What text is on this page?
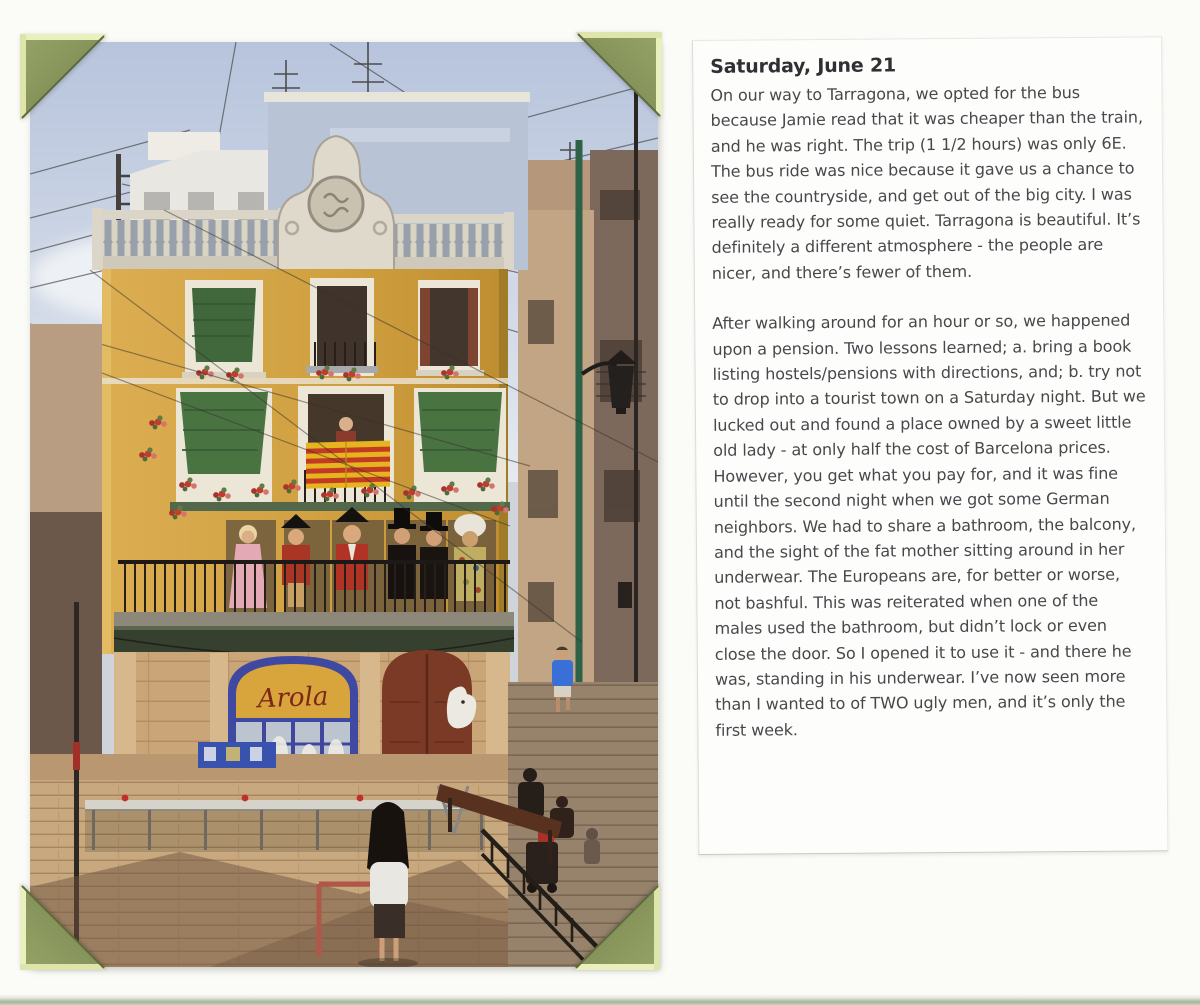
Arola
Saturday, June 21

On our way to Tarragona, we opted for the bus because Jamie read that it was cheaper than the train, and he was right. The trip (1 1/2 hours) was only 6E. The bus ride was nice because it gave us a chance to see the countryside, and get out of the big city. I was really ready for some quiet. Tarragona is beautiful. It’s definitely a different atmosphere - the people are nicer, and there’s fewer of them.

After walking around for an hour or so, we happened upon a pension. Two lessons learned; a. bring a book listing hostels/pensions with directions, and; b. try not to drop into a tourist town on a Saturday night. But we lucked out and found a place owned by a sweet little old lady - at only half the cost of Barcelona prices. However, you get what you pay for, and it was fine until the second night when we got some German neighbors. We had to share a bathroom, the balcony, and the sight of the fat mother sitting around in her underwear. The Europeans are, for better or worse, not bashful. This was reiterated when one of the males used the bathroom, but didn’t lock or even close the door. So I opened it to use it - and there he was, standing in his underwear. I’ve now seen more than I wanted to of TWO ugly men, and it’s only the first week.
